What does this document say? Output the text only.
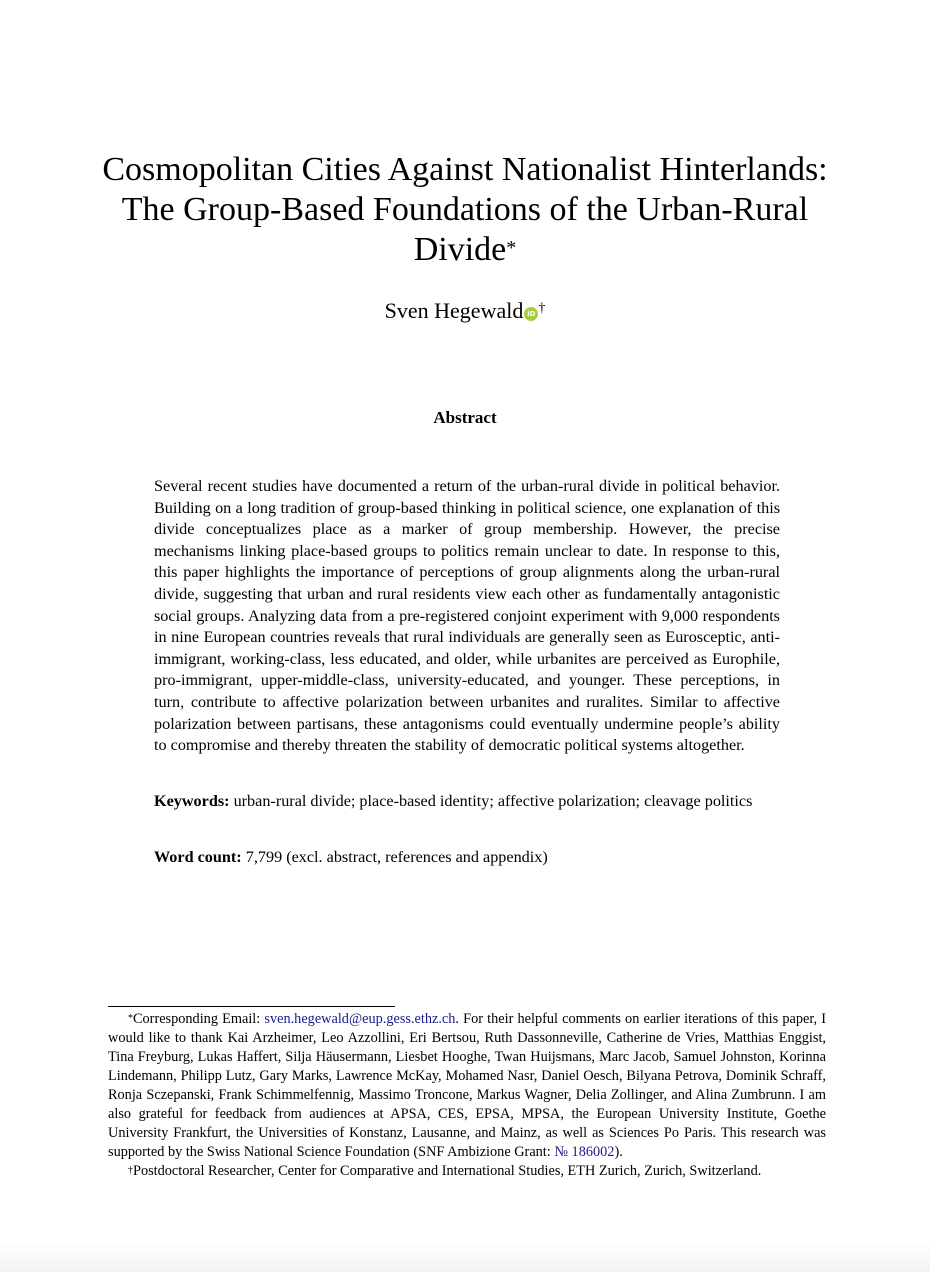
Cosmopolitan Cities Against Nationalist Hinterlands:
The Group-Based Foundations of the Urban-Rural
Divide*
Sven Hegewald iD †
Abstract

Several recent studies have documented a return of the urban-rural divide in political behavior. Building on a long tradition of group-based thinking in political science, one explanation of this divide conceptualizes place as a marker of group membership. However, the precise mechanisms linking place-based groups to politics remain unclear to date. In response to this, this paper highlights the importance of perceptions of group alignments along the urban-rural divide, suggesting that urban and rural residents view each other as fundamentally antagonistic social groups. Analyzing data from a pre-registered conjoint experiment with 9,000 respondents in nine European countries reveals that rural individuals are generally seen as Eurosceptic, anti-immigrant, working-class, less educated, and older, while urbanites are perceived as Europhile, pro-immigrant, upper-middle-class, university-educated, and younger. These perceptions, in turn, contribute to affective polarization between urbanites and ruralites. Similar to affective polarization between partisans, these antagonisms could eventually undermine people’s ability to compromise and thereby threaten the stability of democratic political systems altogether.

Keywords: urban-rural divide; place-based identity; affective polarization; cleavage politics
Word count: 7,799 (excl. abstract, references and appendix)

*Corresponding Email: sven.hegewald@eup.gess.ethz.ch. For their helpful comments on earlier iterations of this paper, I would like to thank Kai Arzheimer, Leo Azzollini, Eri Bertsou, Ruth Dassonneville, Catherine de Vries, Matthias Enggist, Tina Freyburg, Lukas Haffert, Silja Häusermann, Liesbet Hooghe, Twan Huijsmans, Marc Jacob, Samuel Johnston, Korinna Lindemann, Philipp Lutz, Gary Marks, Lawrence McKay, Mohamed Nasr, Daniel Oesch, Bilyana Petrova, Dominik Schraff, Ronja Sczepanski, Frank Schimmelfennig, Massimo Troncone, Markus Wagner, Delia Zollinger, and Alina Zumbrunn. I am also grateful for feedback from audiences at APSA, CES, EPSA, MPSA, the European University Institute, Goethe University Frankfurt, the Universities of Konstanz, Lausanne, and Mainz, as well as Sciences Po Paris. This research was supported by the Swiss National Science Foundation (SNF Ambizione Grant: № 186002).

†Postdoctoral Researcher, Center for Comparative and International Studies, ETH Zurich, Zurich, Switzerland.
